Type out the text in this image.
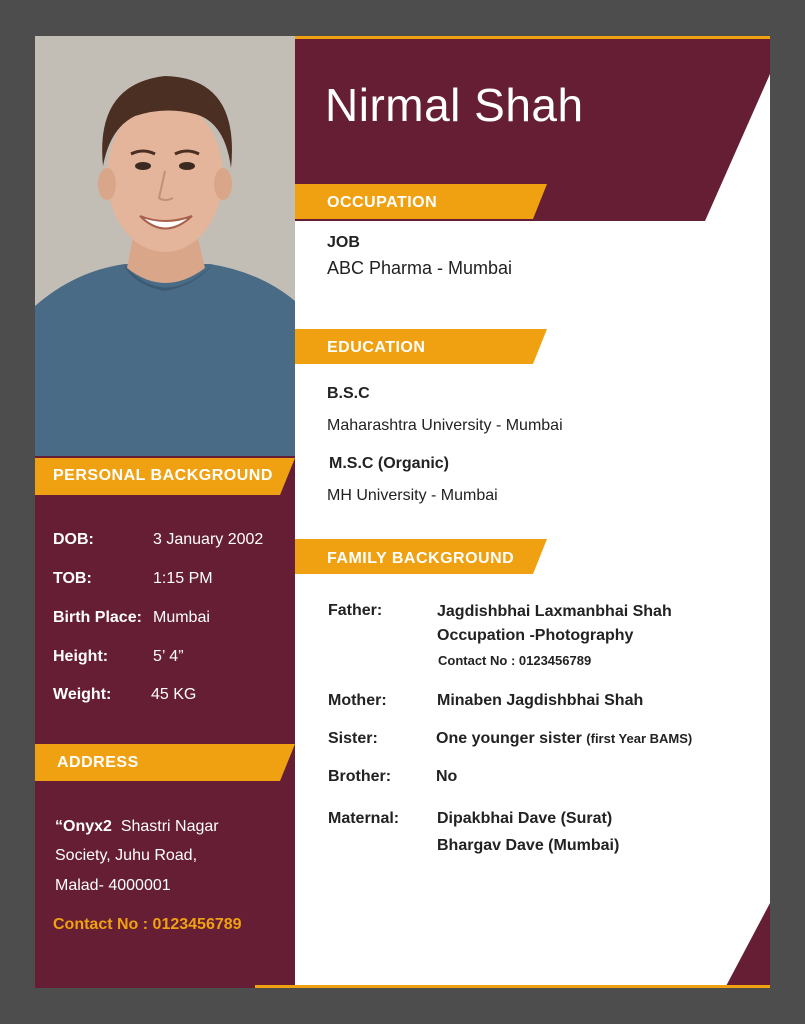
Nirmal Shah
PERSONAL BACKGROUND
DOB:	3 January 2002
TOB:	1:15 PM
Birth Place: Mumbai
Height:	5’ 4”
Weight: 45 KG
ADDRESS
“Onyx2 Shastri Nagar
Society, Juhu Road,
Malad- 4000001
Contact No : 0123456789
OCCUPATION
JOB
ABC Pharma - Mumbai
EDUCATION
B.S.C
Maharashtra University - Mumbai
M.S.C (Organic)
MH University - Mumbai
FAMILY BACKGROUND
Father:	Jagdishbhai Laxmanbhai Shah
Occupation -Photography
Contact No : 0123456789
Mother:	Minaben Jagdishbhai Shah
Sister:	One younger sister (first Year BAMS)
Brother:	No
Maternal: Dipakbhai Dave (Surat)
Bhargav Dave (Mumbai)
